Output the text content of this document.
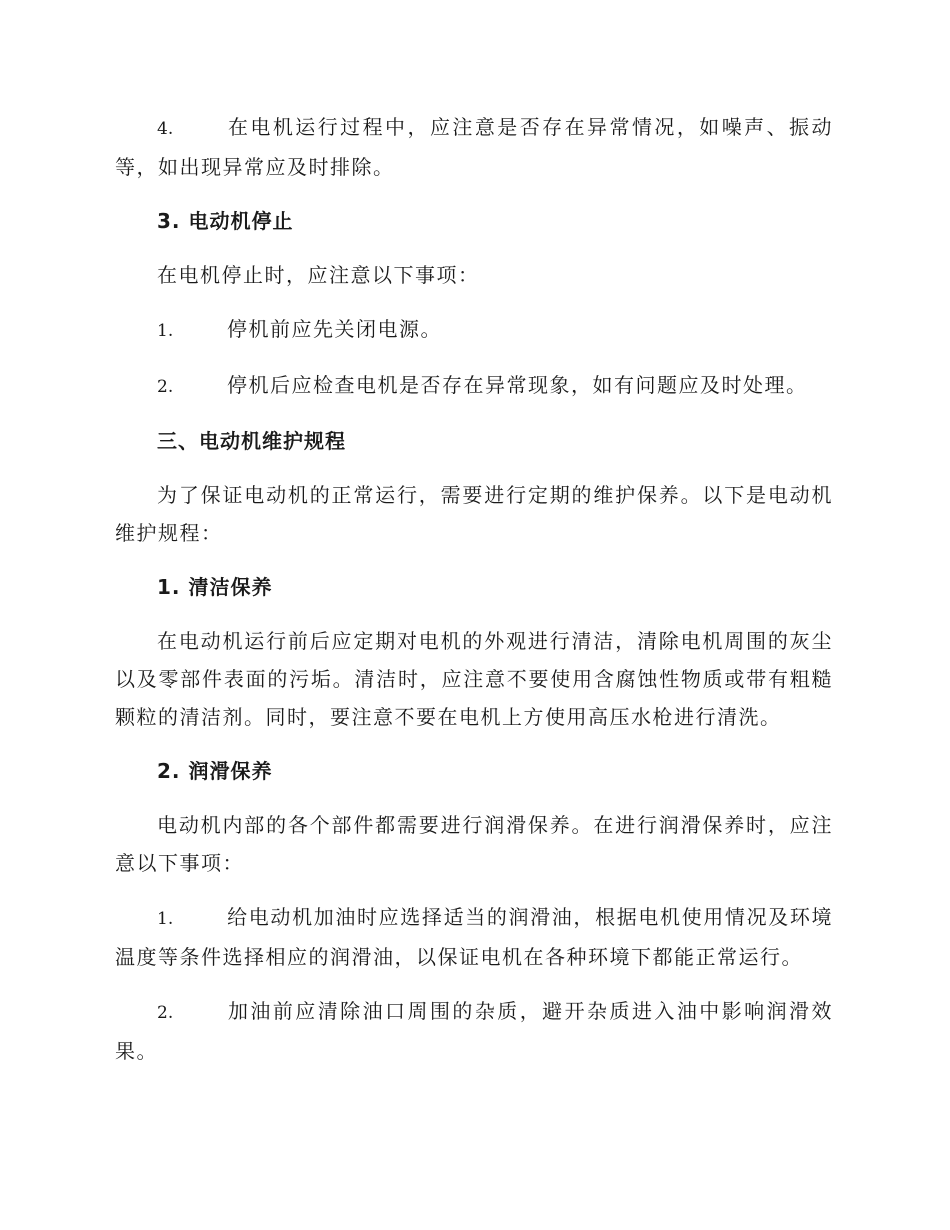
4.	在电机运行过程中，应注意是否存在异常情况，如噪声、振动等，如出现异常应及时排除。

3. 电动机停止

在电机停止时，应注意以下事项：

1.	停机前应先关闭电源。

2.	停机后应检查电机是否存在异常现象，如有问题应及时处理。

三、电动机维护规程

为了保证电动机的正常运行，需要进行定期的维护保养。以下是电动机维护规程：

1. 清洁保养

在电动机运行前后应定期对电机的外观进行清洁，清除电机周围的灰尘以及零部件表面的污垢。清洁时，应注意不要使用含腐蚀性物质或带有粗糙颗粒的清洁剂。同时，要注意不要在电机上方使用高压水枪进行清洗。

2. 润滑保养

电动机内部的各个部件都需要进行润滑保养。在进行润滑保养时，应注意以下事项：

1.	给电动机加油时应选择适当的润滑油，根据电机使用情况及环境温度等条件选择相应的润滑油，以保证电机在各种环境下都能正常运行。

2.	加油前应清除油口周围的杂质，避开杂质进入油中影响润滑效果。
